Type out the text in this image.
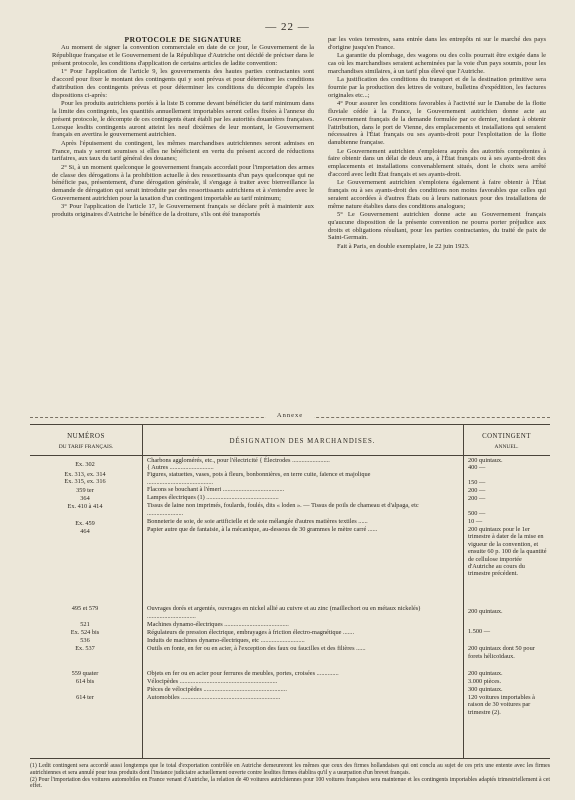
— 22 —

PROTOCOLE DE SIGNATURE

Au moment de signer la convention commerciale en date de ce jour, le Gouvernement de la République française et le Gouvernement de la République d'Autriche ont décidé de préciser dans le présent protocole, les conditions d'application de certains articles de ladite convention:

1° Pour l'application de l'article 9, les gouvernements des hautes parties contractantes sont d'accord pour fixer le montant des contingents qui y sont prévus et pour déterminer les conditions d'attribution des contingents prévus et pour déterminer les conditions du décompte d'après les dispositions ci-après:

Pour les produits autrichiens portés à la liste B comme devant bénéficier du tarif minimum dans la limite des contingents, les quantités annuellement importables seront celles fixées à l'annexe du présent protocole, le décompte de ces contingents étant établi par les autorités douanières françaises. Lorsque lesdits contingents auront atteint les neuf dixièmes de leur montant, le Gouvernement français en avertira le gouvernement autrichien.

Après l'épuisement du contingent, les mêmes marchandises autrichiennes seront admises en France, mais y seront soumises si elles ne bénéficient en vertu du présent accord de réductions tarifaires, aux taux du tarif général des douanes;

2° Si, à un moment quelconque le gouvernement français accordait pour l'importation des armes de classe des dérogations à la prohibition actuelle à des ressortissants d'un pays quelconque qui ne bénéficie pas, présentement, d'une dérogation générale, il s'engage à traiter avec bienveillance la demande de dérogation qui serait introduite par des ressortissants autrichiens et à s'entendre avec le Gouvernement autrichien pour la taxation d'un contingent importable au tarif minimum;

3° Pour l'application de l'article 17, le Gouvernement français se déclare prêt à maintenir aux produits originaires d'Autriche le bénéfice de la droiture, s'ils ont été transportés

par les voies terrestres, sans entrée dans les entrepôts ni sur le marché des pays d'origine jusqu'en France.

La garantie du plombage, des wagons ou des colis pourrait être exigée dans le cas où les marchandises seraient acheminées par la voie d'un pays soumis, pour les marchandises similaires, à un tarif plus élevé que l'Autriche.

La justification des conditions du transport et de la destination primitive sera fournie par la production des lettres de voiture, bulletins d'expédition, les factures originales etc...;

4° Pour assurer les conditions favorables à l'activité sur le Danube de la flotte fluviale cédée à la France, le Gouvernement autrichien donne acte au Gouvernement français de la demande formulée par ce dernier, tendant à obtenir l'attribution, dans le port de Vienne, des emplacements et installations qui seraient nécessaires à l'État français ou ses ayants-droit pour l'exploitation de la flotte danubienne française.

Le Gouvernement autrichien s'emploiera auprès des autorités compétentes à faire obtenir dans un délai de deux ans, à l'État français ou à ses ayants-droit des emplacements et installations convenablement situés, dont le choix sera arrêté d'accord avec ledit État français et ses ayants-droit.

Le Gouvernement autrichien s'emploiera également à faire obtenir à l'État français ou à ses ayants-droit des conditions non moins favorables que celles qui seraient accordées à d'autres États ou à leurs nationaux pour des installations de même nature établies dans des conditions analogues;

5° Le Gouvernement autrichien donne acte au Gouvernement français qu'aucune disposition de la présente convention ne pourra porter préjudice aux droits et obligations résultant, pour les parties contractantes, du traité de paix de Saint-Germain.

Fait à Paris, en double exemplaire, le 22 juin 1923.

Annexe
NUMÉROS
DU TARIF FRANÇAIS.
DÉSIGNATION DES MARCHANDISES.
CONTINGENT
ANNUEL.
Ex. 302
Ex. 313, ex. 314
Ex. 315, ex. 316
359 ter
364
Ex. 410 à 414
Ex. 459
464
Charbons agglomérés, etc., pour l'électricité { Électrodes ........................
{ Autres ............................
Figures, statuettes, vases, pots à fleurs, bonbonnières, en terre cuite, faïence et majolique ..........................................
Flacons se bouchant à l'émeri .......................................
Lampes électriques (1) ..............................................
Tissus de laine non imprimés, foulards, foulés, dits « loden ». — Tissus de poils de chameau et d'alpaga, etc .......................
Bonneterie de soie, de soie artificielle et de soie mélangée d'autres matières textiles ......
Papier autre que de fantaisie, à la mécanique, au-dessous de 30 grammes le mètre carré ......
200 quintaux.
400 —
150 —
200 —
200 —
500 —
10 —
200 quintaux pour le 1er trimestre à dater de la mise en vigueur de la convention, et ensuite 60 p. 100 de la quantité de cellulose importée d'Autriche au cours du trimestre précédent.
495 et 579
521
Ex. 524 bis
536
Ex. 537
Ouvrages dorés et argentés, ouvrages en nickel allié au cuivre et au zinc (maillechort ou en métaux nickelés) ...............................
Machines dynamo-électriques .........................................
Régulateurs de pression électrique, embrayages à friction électro-magnétique .......
Induits de machines dynamo-électriques, etc ............................
Outils en fonte, en fer ou en acier, à l'exception des faux ou faucilles et des filières ......
200 quintaux.
1.500 —
200 quintaux dont 50 pour forets hélicoïdaux.
559 quater
614 bis
614 ter
Objets en fer ou en acier pour ferrures de meubles, portes, croisées ..............
Vélocipèdes ..............................................................
Pièces de vélocipèdes .....................................................
Automobiles ...............................................................
200 quintaux.
3.000 pièces.
300 quintaux.
120 voitures importables à raison de 30 voitures par trimestre (2).

(1) Ledit contingent sera accordé aussi longtemps que le total d'exportation contrôlée en Autriche demeureront les mêmes que ceux des firmes hollandaises qui ont conclu au sujet de ces prix une entente avec les firmes autrichiennes et sera annulé pour tous produits dont l'instance judiciaire actuellement ouverte contre lesdites firmes établira qu'il y a usurpation d'un brevet français.

(2) Pour l'importation des voitures automobiles en France venant d'Autriche, la relation de 40 voitures autrichiennes pour 100 voitures françaises sera maintenue et les contingents importables adaptés trimestriellement à cet effet.
